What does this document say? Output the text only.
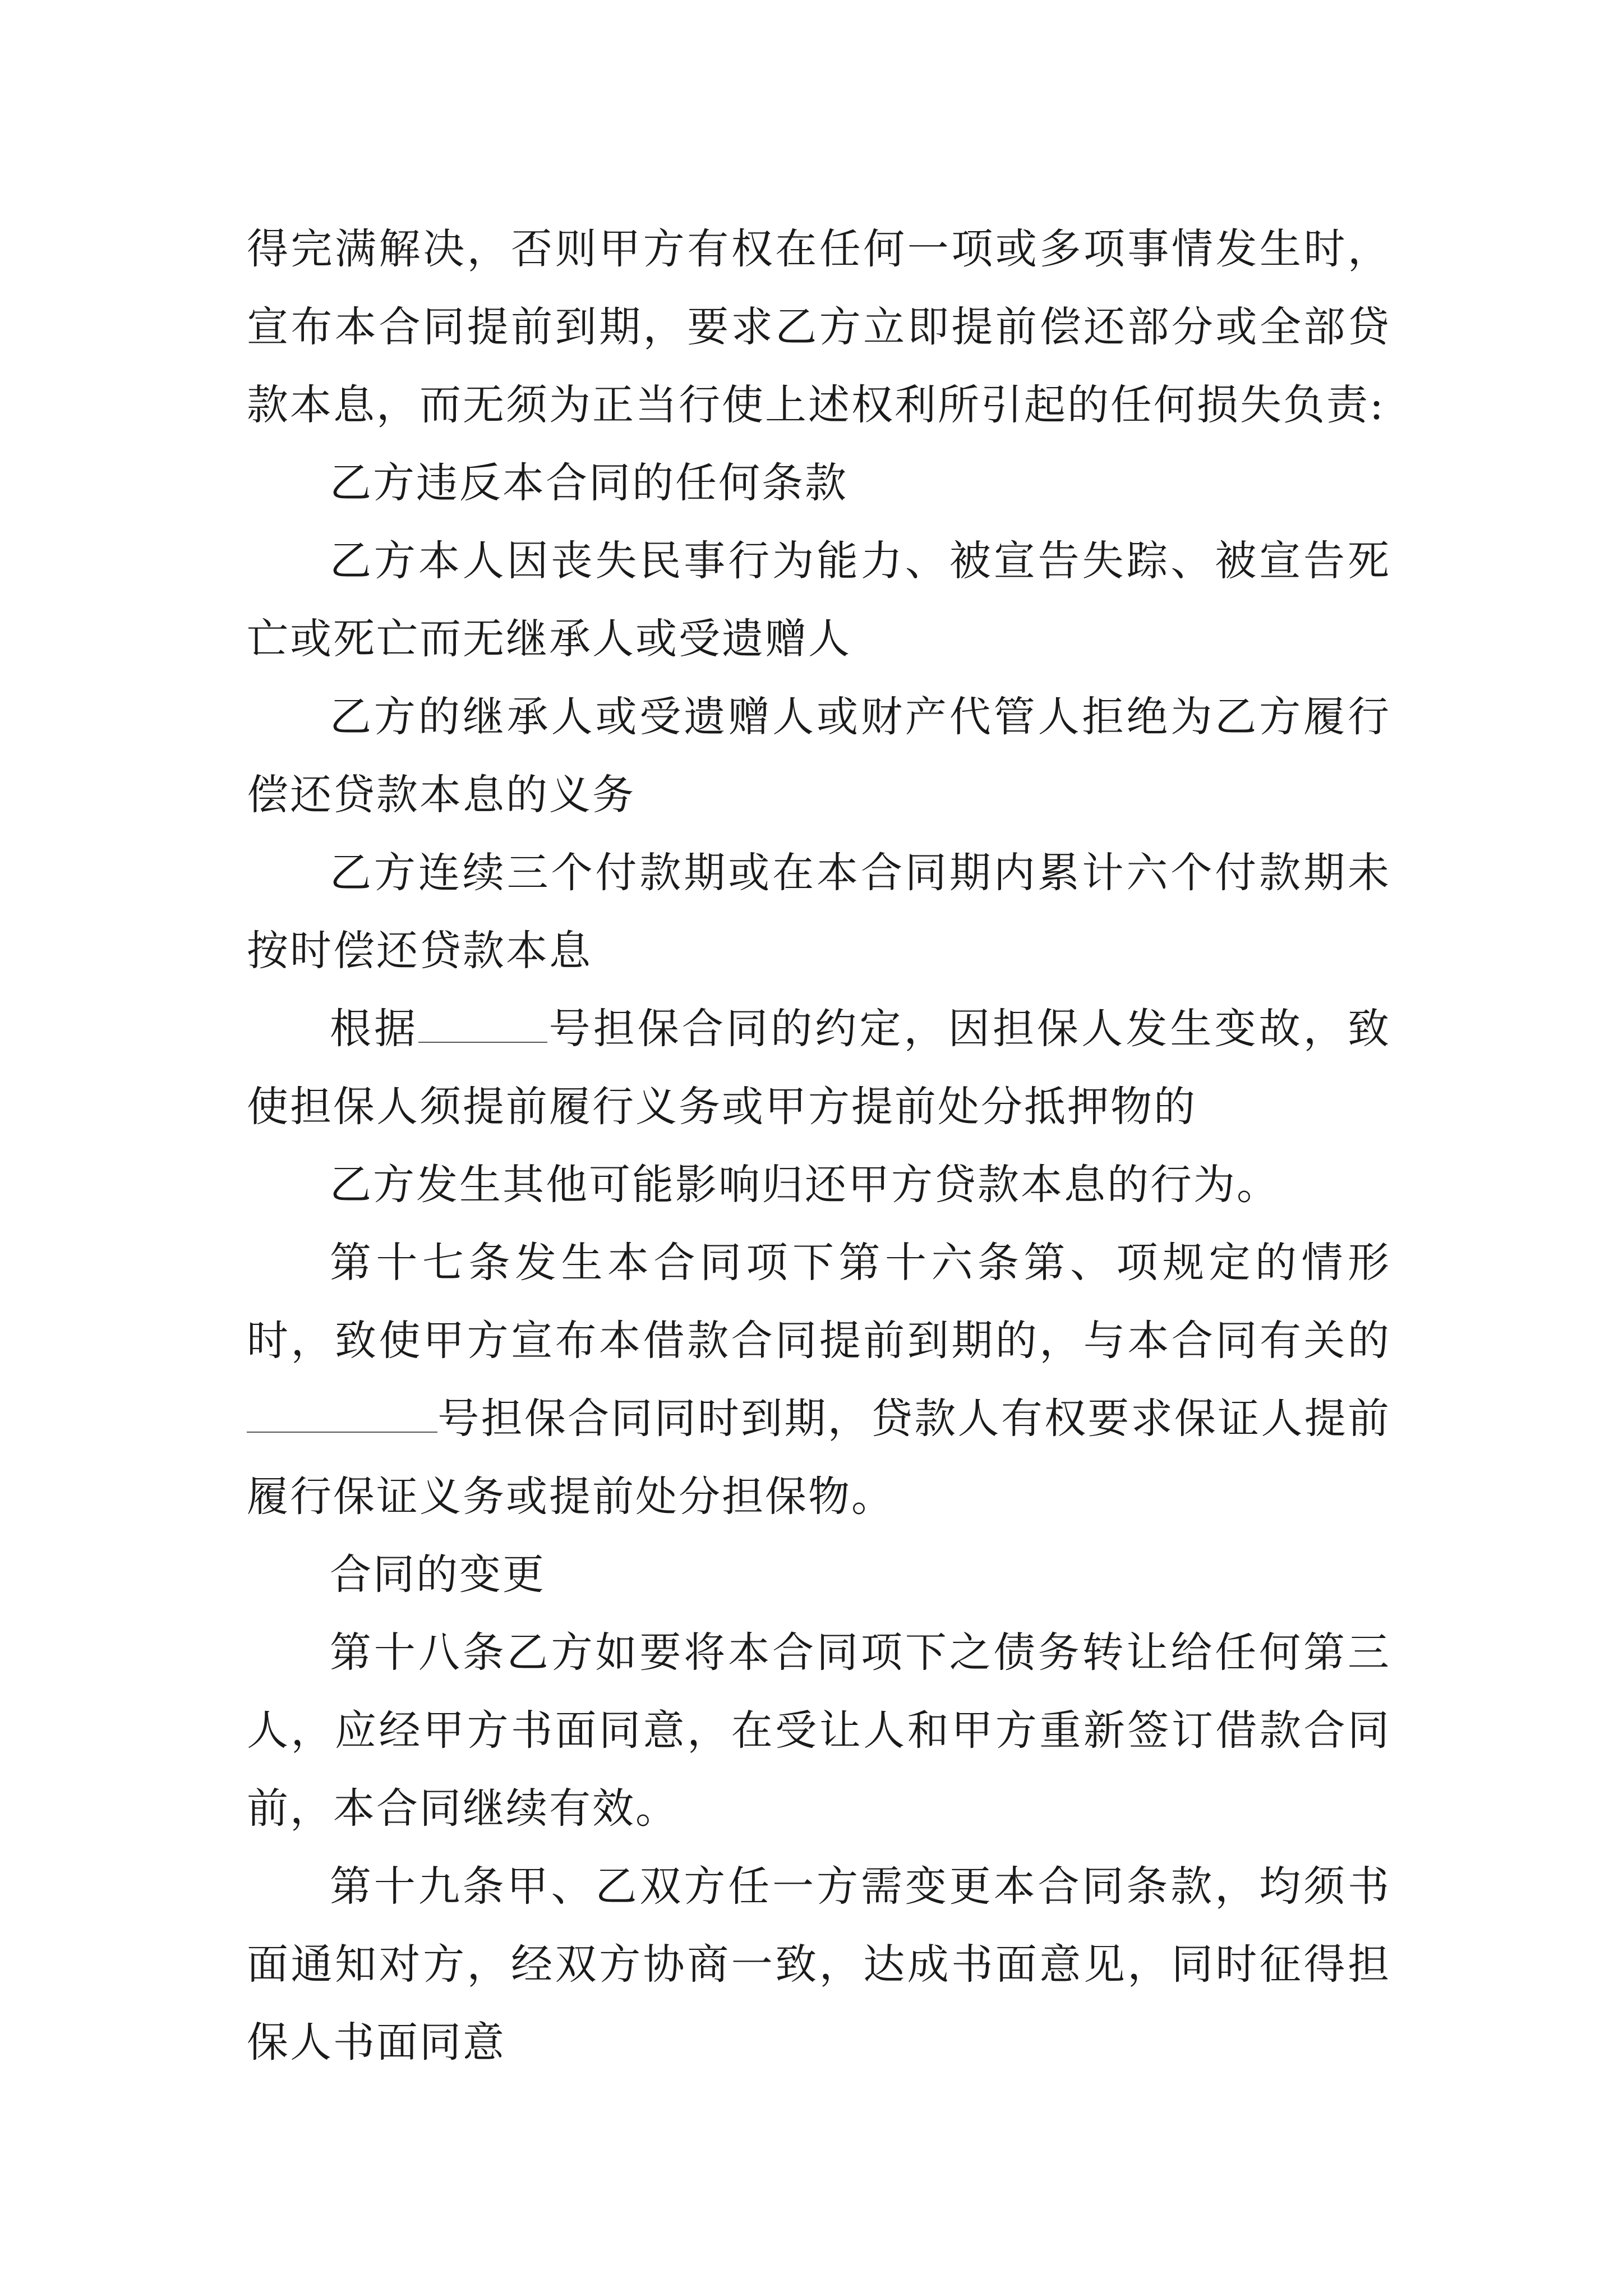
得完满解决，否则甲方有权在任何一项或多项事情发生时，宣布本合同提前到期，要求乙方立即提前偿还部分或全部贷款本息，而无须为正当行使上述权利所引起的任何损失负责:

乙方违反本合同的任何条款

乙方本人因丧失民事行为能力、被宣告失踪、被宣告死亡或死亡而无继承人或受遗赠人

乙方的继承人或受遗赠人或财产代管人拒绝为乙方履行偿还贷款本息的义务

乙方连续三个付款期或在本合同期内累计六个付款期未按时偿还贷款本息

根据	号担保合同的约定，因担保人发生变故，致使担保人须提前履行义务或甲方提前处分抵押物的

乙方发生其他可能影响归还甲方贷款本息的行为。

第十七条发生本合同项下第十六条第、项规定的情形时，致使甲方宣布本借款合同提前到期的，与本合同有关的号担保合同同时到期，贷款人有权要求保证人提前履行保证义务或提前处分担保物。

合同的变更

第十八条乙方如要将本合同项下之债务转让给任何第三人，应经甲方书面同意，在受让人和甲方重新签订借款合同前，本合同继续有效。

第十九条甲、乙双方任一方需变更本合同条款，均须书面通知对方，经双方协商一致，达成书面意见，同时征得担保人书面同意
